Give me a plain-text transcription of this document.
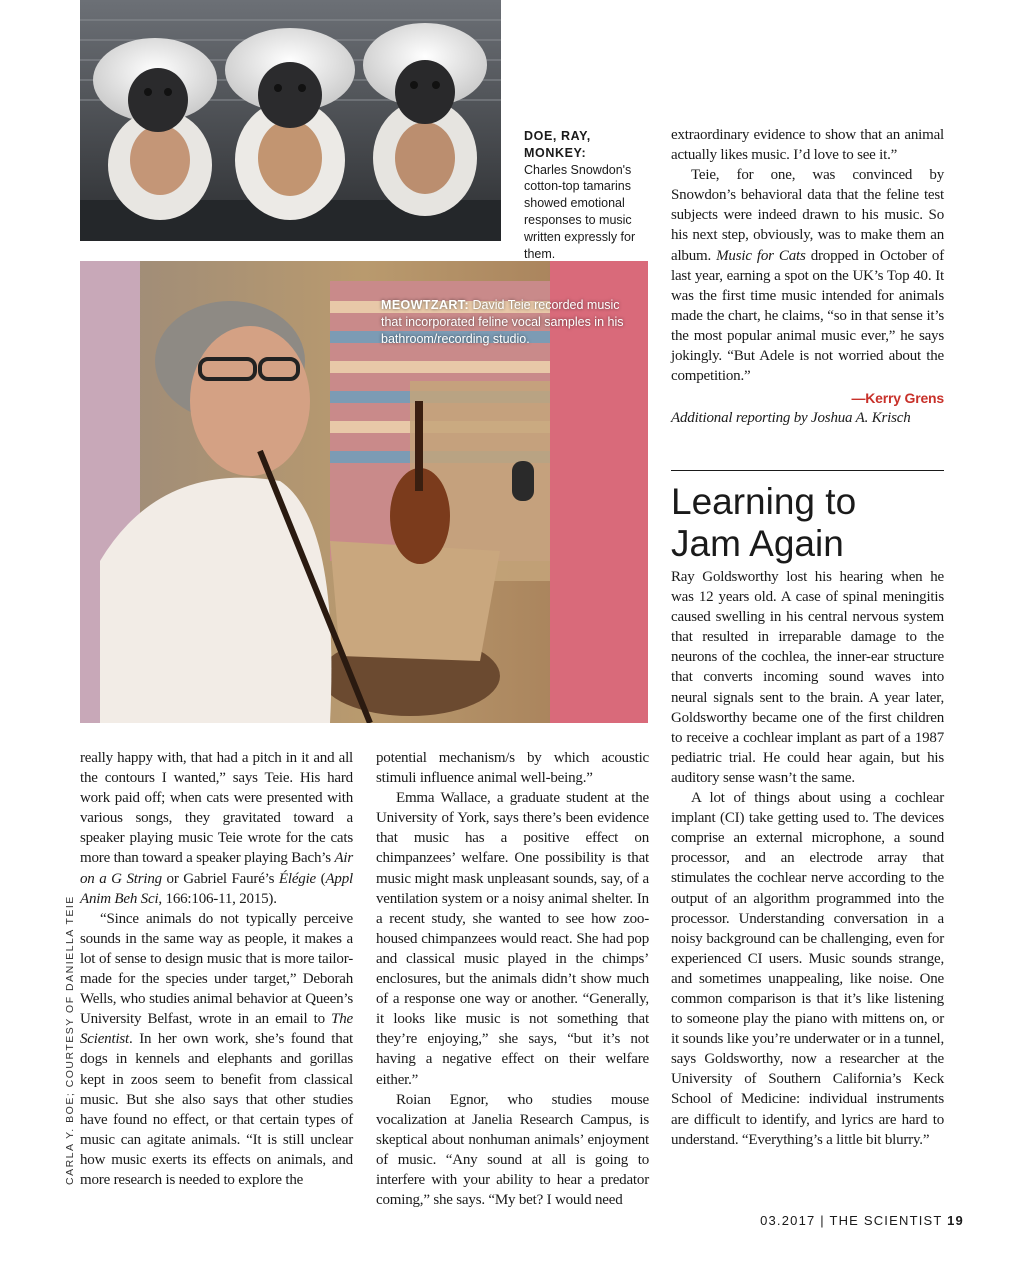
DOE, RAY, MONKEY:
Charles Snowdon's cotton-top tamarins showed emotional responses to music written expressly for them.
MEOWTZART: David Teie recorded music that incorporated feline vocal samples in his bathroom/recording studio.

really happy with, that had a pitch in it and all the contours I wanted,” says Teie. His hard work paid off; when cats were presented with various songs, they gravitated toward a speaker playing music Teie wrote for the cats more than toward a speaker playing Bach’s Air on a G String or Gabriel Fauré’s Élégie (Appl Anim Beh Sci, 166:106-11, 2015).

“Since animals do not typically perceive sounds in the same way as people, it makes a lot of sense to design music that is more tailor-made for the species under target,” Deborah Wells, who studies animal behavior at Queen’s University Belfast, wrote in an email to The Scientist. In her own work, she’s found that dogs in kennels and elephants and gorillas kept in zoos seem to benefit from classical music. But she also says that other studies have found no effect, or that certain types of music can agitate animals. “It is still unclear how music exerts its effects on animals, and more research is needed to explore the

potential mechanism/s by which acoustic stimuli influence animal well-being.”

Emma Wallace, a graduate student at the University of York, says there’s been evidence that music has a positive effect on chimpanzees’ welfare. One possibility is that music might mask unpleasant sounds, say, of a ventilation system or a noisy animal shelter. In a recent study, she wanted to see how zoo-housed chimpanzees would react. She had pop and classical music played in the chimps’ enclosures, but the animals didn’t show much of a response one way or another. “Generally, it looks like music is not something that they’re enjoying,” she says, “but it’s not having a negative effect on their welfare either.”

Roian Egnor, who studies mouse vocalization at Janelia Research Campus, is skeptical about nonhuman animals’ enjoyment of music. “Any sound at all is going to interfere with your ability to hear a predator coming,” she says. “My bet? I would need

extraordinary evidence to show that an animal actually likes music. I’d love to see it.”

Teie, for one, was convinced by Snowdon’s behavioral data that the feline test subjects were indeed drawn to his music. So his next step, obviously, was to make them an album. Music for Cats dropped in October of last year, earning a spot on the UK’s Top 40. It was the first time music intended for animals made the chart, he claims, “so in that sense it’s the most popular animal music ever,” he says jokingly. “But Adele is not worried about the competition.”

—Kerry Grens

Additional reporting by Joshua A. Krisch

Learning to
Jam Again

Ray Goldsworthy lost his hearing when he was 12 years old. A case of spinal meningitis caused swelling in his central nervous system that resulted in irreparable damage to the neurons of the cochlea, the inner-ear structure that converts incoming sound waves into neural signals sent to the brain. A year later, Goldsworthy became one of the first children to receive a cochlear implant as part of a 1987 pediatric trial. He could hear again, but his auditory sense wasn’t the same.

A lot of things about using a cochlear implant (CI) take getting used to. The devices comprise an external microphone, a sound processor, and an electrode array that stimulates the cochlear nerve according to the output of an algorithm programmed into the processor. Understanding conversation in a noisy background can be challenging, even for experienced CI users. Music sounds strange, and sometimes unappealing, like noise. One common comparison is that it’s like listening to someone play the piano with mittens on, or it sounds like you’re underwater or in a tunnel, says Goldsworthy, now a researcher at the University of Southern California’s Keck School of Medicine: individual instruments are difficult to identify, and lyrics are hard to understand. “Everything’s a little bit blurry.”

CARLA Y. BOE; COURTESY OF DANIELLA TEIE
03.2017 | THE SCIENTIST 19
